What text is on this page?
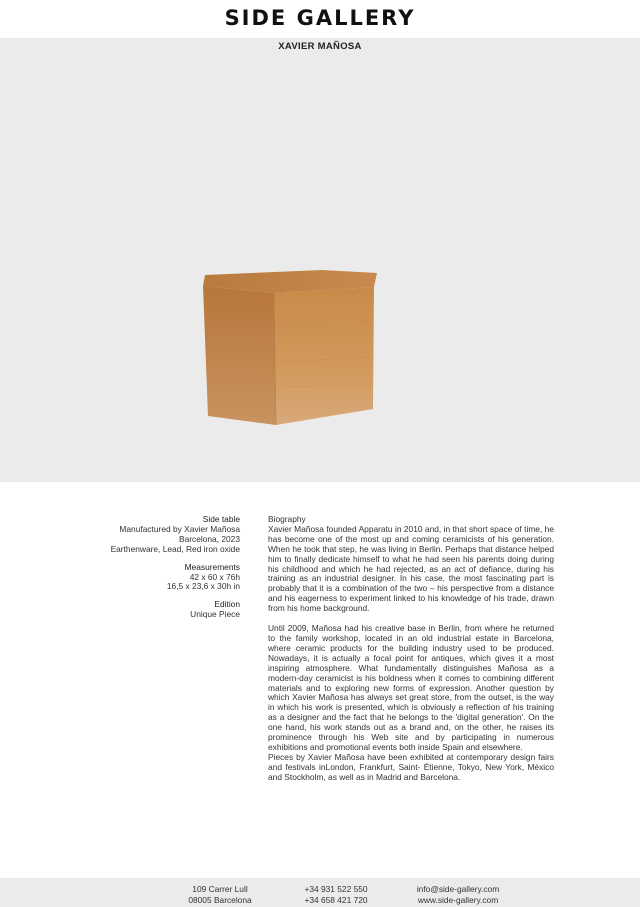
SIDE GALLERY
XAVIER MAÑOSA
Side table
Manufactured by Xavier Mañosa
Barcelona, 2023
Earthenware, Lead, Red iron oxide
Measurements
42 x 60 x 76h
16,5 x 23,6 x 30h in
Edition
Unique Piece

Biography

Xavier Mañosa founded Apparatu in 2010 and, in that short space of time, he has become one of the most up and coming ceramicists of his generation. When he took that step, he was living in Berlin. Perhaps that distance helped him to finally dedicate himself to what he had seen his parents doing during his childhood and which he had rejected, as an act of defiance, during his training as an industrial designer. In his case, the most fascinating part is probably that it is a combination of the two – his perspective from a distance and his eagerness to experiment linked to his knowledge of his trade, drawn from his home background.

Until 2009, Mañosa had his creative base in Berlin, from where he returned to the family workshop, located in an old industrial estate in Barcelona, where ceramic products for the building industry used to be produced. Nowadays, it is actually a focal point for antiques, which gives it a most inspiring atmosphere. What fundamentally distinguishes Mañosa as a modern-day ceramicist is his boldness when it comes to combining different materials and to exploring new forms of expression. Another question by which Xavier Mañosa has always set great store, from the outset, is the way in which his work is presented, which is obviously a reflection of his training as a designer and the fact that he belongs to the 'digital generation'. On the one hand, his work stands out as a brand and, on the other, he raises its prominence through his Web site and by participating in numerous exhibitions and promotional events both inside Spain and elsewhere.

Pieces by Xavier Mañosa have been exhibited at contemporary design fairs and festivals inLondon, Frankfurt, Saint- Étienne, Tokyo, New York, México and Stockholm, as well as in Madrid and Barcelona.

109 Carrer Lull
08005 Barcelona
+34 931 522 550
+34 658 421 720
info@side-gallery.com
www.side-gallery.com
